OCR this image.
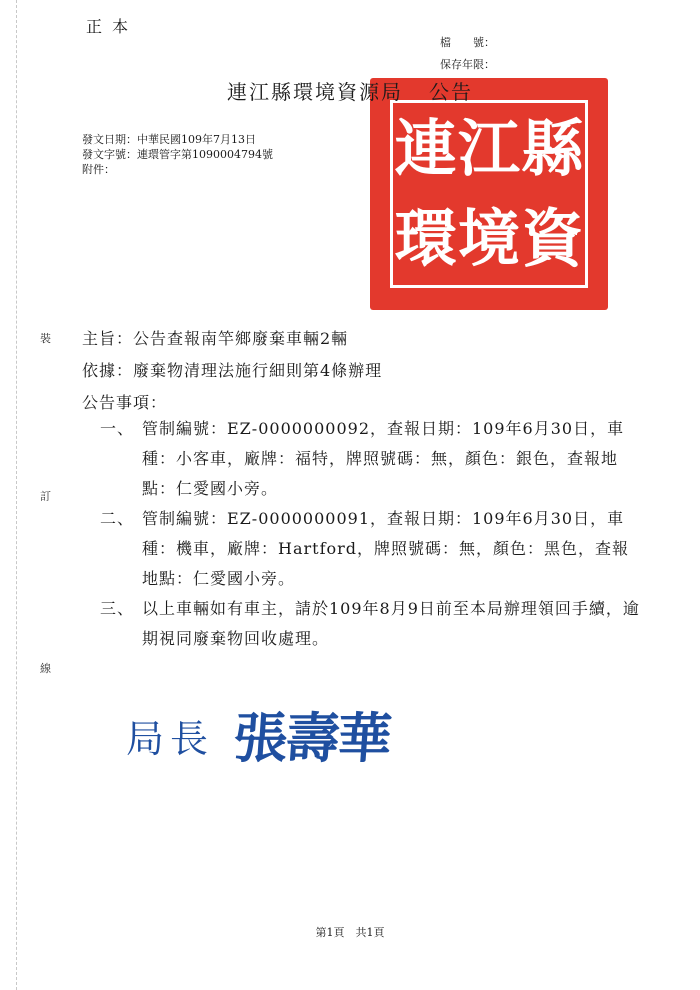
裝
訂
線
正本
檔　　號：
保存年限：
連 江 縣
環 境 資
連江縣環境資源局 公告
發文日期：中華民國109年7月13日
發文字號：連環管字第1090004794號
附件：
主旨：公告查報南竿鄉廢棄車輛2輛
依據：廢棄物清理法施行細則第4條辦理
公告事項：
一、 管制編號：EZ-0000000092，查報日期：109年6月30日，車種：小客車，廠牌：福特，牌照號碼：無，顏色：銀色，查報地點：仁愛國小旁。
二、 管制編號：EZ-0000000091，查報日期：109年6月30日，車種：機車，廠牌：Hartford，牌照號碼：無，顏色：黑色，查報地點：仁愛國小旁。
三、 以上車輛如有車主，請於109年8月9日前至本局辦理領回手續，逾期視同廢棄物回收處理。
局長 張壽華
第1頁　共1頁
